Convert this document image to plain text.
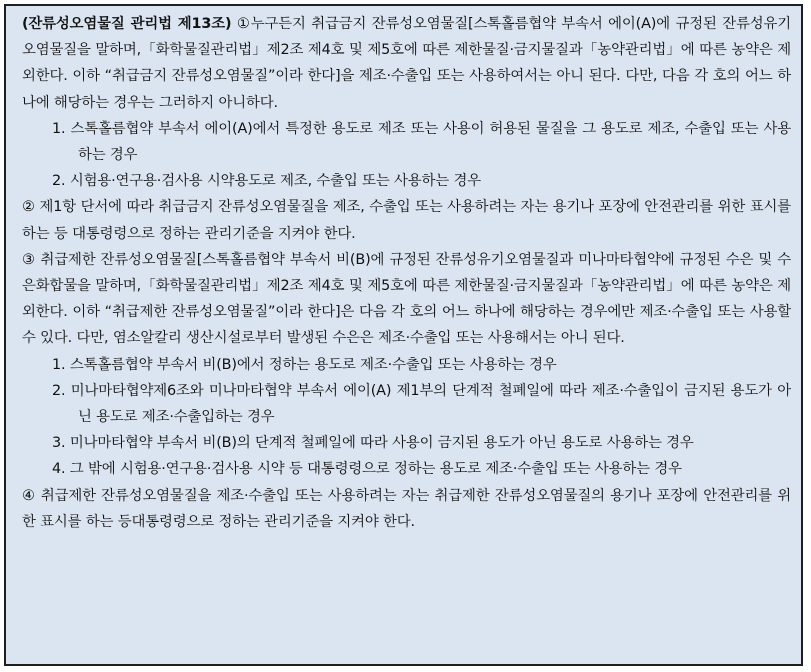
(잔류성오염물질 관리법 제13조) ①누구든지 취급금지 잔류성오염물질[스톡홀름협약 부속서 에이(A)에 규정된 잔류성유기오염물질을 말하며,「화학물질관리법」제2조 제4호 및 제5호에 따른 제한물질·금지물질과「농약관리법」에 따른 농약은 제외한다. 이하 “취급금지 잔류성오염물질”이라 한다]을 제조·수출입 또는 사용하여서는 아니 된다. 다만, 다음 각 호의 어느 하나에 해당하는 경우는 그러하지 아니하다.

1. 스톡홀름협약 부속서 에이(A)에서 특정한 용도로 제조 또는 사용이 허용된 물질을 그 용도로 제조, 수출입 또는 사용하는 경우

2. 시험용·연구용·검사용 시약용도로 제조, 수출입 또는 사용하는 경우

② 제1항 단서에 따라 취급금지 잔류성오염물질을 제조, 수출입 또는 사용하려는 자는 용기나 포장에 안전관리를 위한 표시를 하는 등 대통령령으로 정하는 관리기준을 지켜야 한다.

③ 취급제한 잔류성오염물질[스톡홀름협약 부속서 비(B)에 규정된 잔류성유기오염물질과 미나마타협약에 규정된 수은 및 수은화합물을 말하며,「화학물질관리법」제2조 제4호 및 제5호에 따른 제한물질·금지물질과「농약관리법」에 따른 농약은 제외한다. 이하 “취급제한 잔류성오염물질”이라 한다]은 다음 각 호의 어느 하나에 해당하는 경우에만 제조·수출입 또는 사용할 수 있다. 다만, 염소알칼리 생산시설로부터 발생된 수은은 제조·수출입 또는 사용해서는 아니 된다.

1. 스톡홀름협약 부속서 비(B)에서 정하는 용도로 제조·수출입 또는 사용하는 경우

2. 미나마타협약제6조와 미나마타협약 부속서 에이(A) 제1부의 단계적 철폐일에 따라 제조·수출입이 금지된 용도가 아닌 용도로 제조·수출입하는 경우

3. 미나마타협약 부속서 비(B)의 단계적 철폐일에 따라 사용이 금지된 용도가 아닌 용도로 사용하는 경우

4. 그 밖에 시험용·연구용·검사용 시약 등 대통령령으로 정하는 용도로 제조·수출입 또는 사용하는 경우

④ 취급제한 잔류성오염물질을 제조·수출입 또는 사용하려는 자는 취급제한 잔류성오염물질의 용기나 포장에 안전관리를 위한 표시를 하는 등대통령령으로 정하는 관리기준을 지켜야 한다.
